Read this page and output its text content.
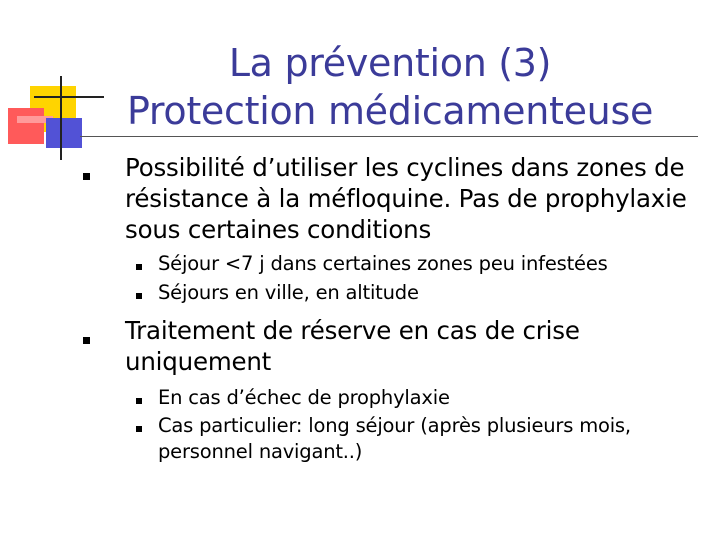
La prévention (3)
Protection médicamenteuse
Possibilité d’utiliser les cyclines dans zones de
résistance à la méfloquine. Pas de prophylaxie
sous certaines conditions
Séjour <7 j dans certaines zones peu infestées
Séjours en ville, en altitude
Traitement de réserve en cas de crise
uniquement
En cas d’échec de prophylaxie
Cas particulier: long séjour (après plusieurs mois,
personnel navigant..)
